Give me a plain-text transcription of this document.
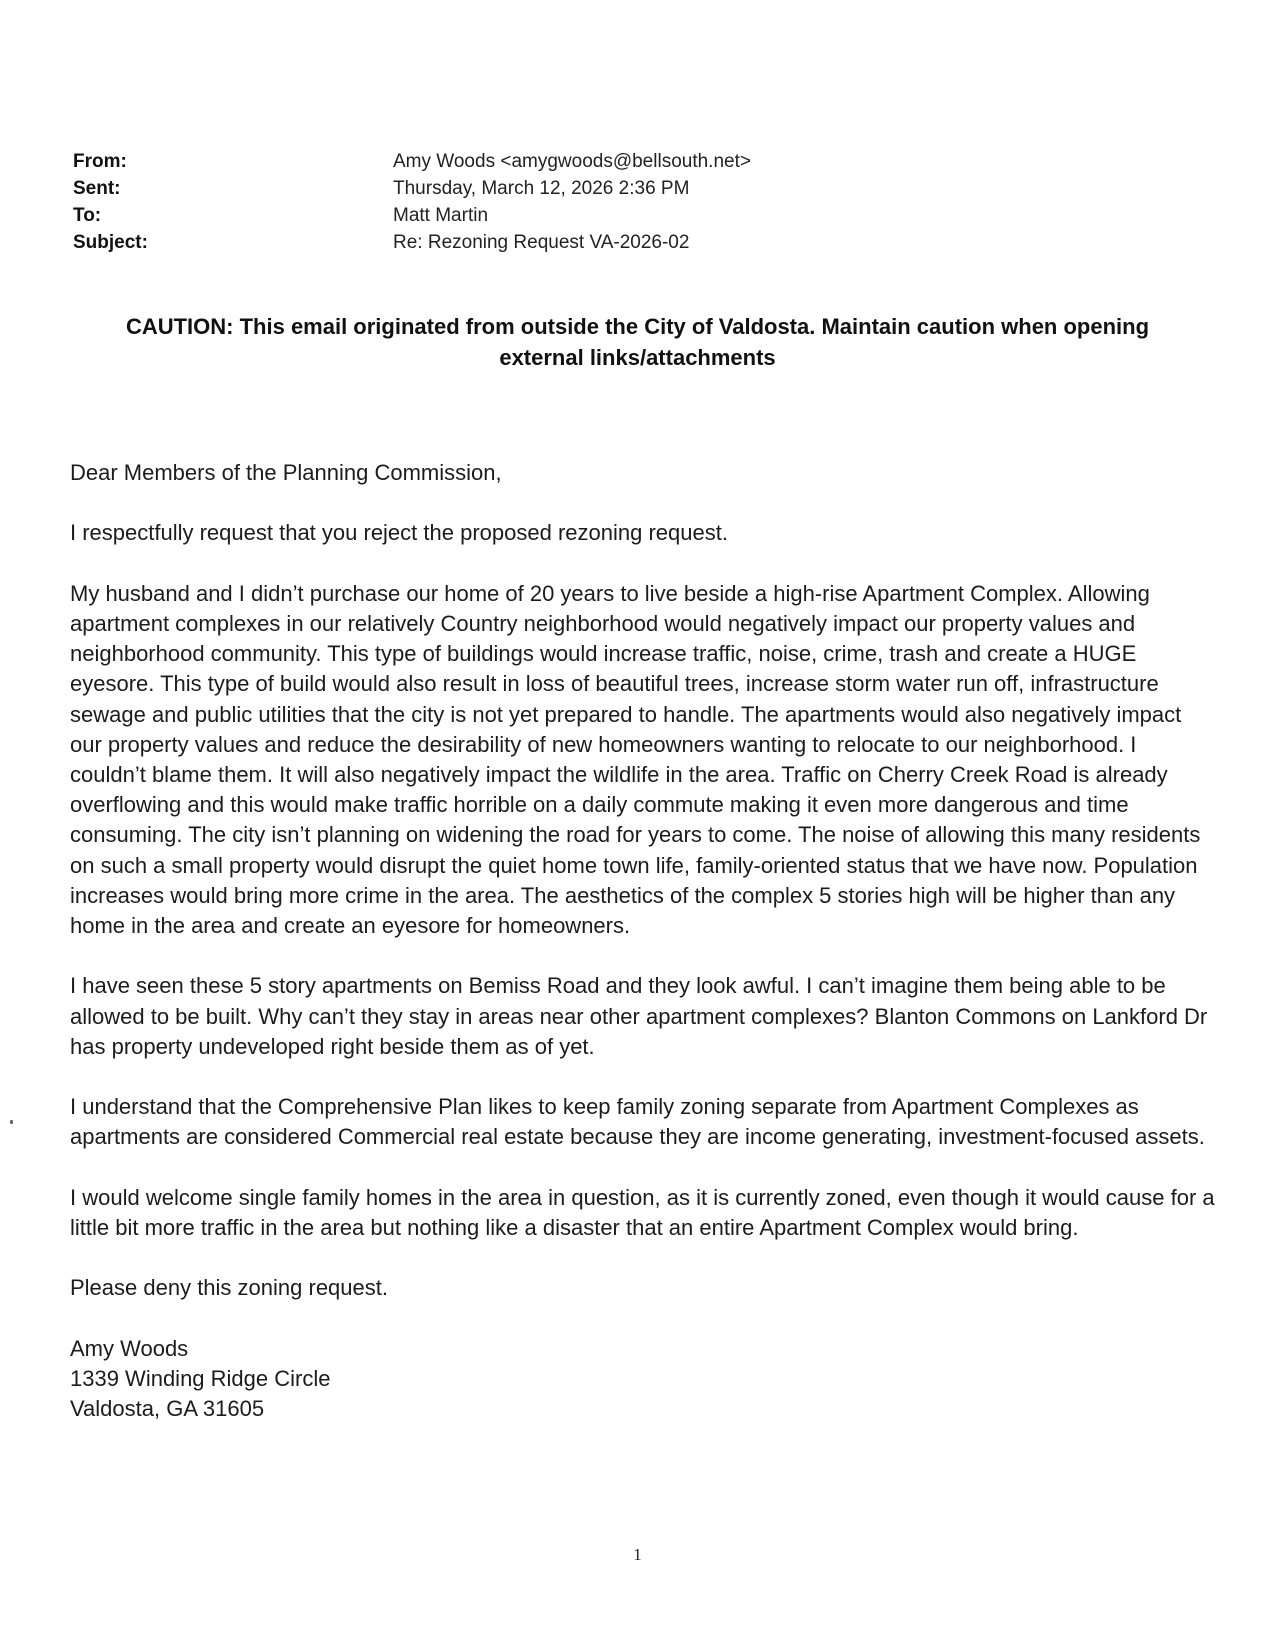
From:	Amy Woods <amygwoods@bellsouth.net>
Sent:	Thursday, March 12, 2026 2:36 PM
To:	Matt Martin
Subject:	Re: Rezoning Request VA-2026-02
CAUTION: This email originated from outside the City of Valdosta. Maintain caution when opening
external links/attachments

Dear Members of the Planning Commission,

I respectfully request that you reject the proposed rezoning request.

My husband and I didn’t purchase our home of 20 years to live beside a high-rise Apartment Complex. Allowing apartment complexes in our relatively Country neighborhood would negatively impact our property values and neighborhood community. This type of buildings would increase traffic, noise, crime, trash and create a HUGE eyesore. This type of build would also result in loss of beautiful trees, increase storm water run off, infrastructure sewage and public utilities that the city is not yet prepared to handle. The apartments would also negatively impact our property values and reduce the desirability of new homeowners wanting to relocate to our neighborhood. I couldn’t blame them. It will also negatively impact the wildlife in the area. Traffic on Cherry Creek Road is already overflowing and this would make traffic horrible on a daily commute making it even more dangerous and time consuming. The city isn’t planning on widening the road for years to come. The noise of allowing this many residents on such a small property would disrupt the quiet home town life, family-oriented status that we have now. Population increases would bring more crime in the area. The aesthetics of the complex 5 stories high will be higher than any home in the area and create an eyesore for homeowners.

I have seen these 5 story apartments on Bemiss Road and they look awful. I can’t imagine them being able to be allowed to be built. Why can’t they stay in areas near other apartment complexes? Blanton Commons on Lankford Dr has property undeveloped right beside them as of yet.

I understand that the Comprehensive Plan likes to keep family zoning separate from Apartment Complexes as apartments are considered Commercial real estate because they are income generating, investment-focused assets.

I would welcome single family homes in the area in question, as it is currently zoned, even though it would cause for a little bit more traffic in the area but nothing like a disaster that an entire Apartment Complex would bring.

Please deny this zoning request.

Amy Woods
1339 Winding Ridge Circle
Valdosta, GA 31605
1
